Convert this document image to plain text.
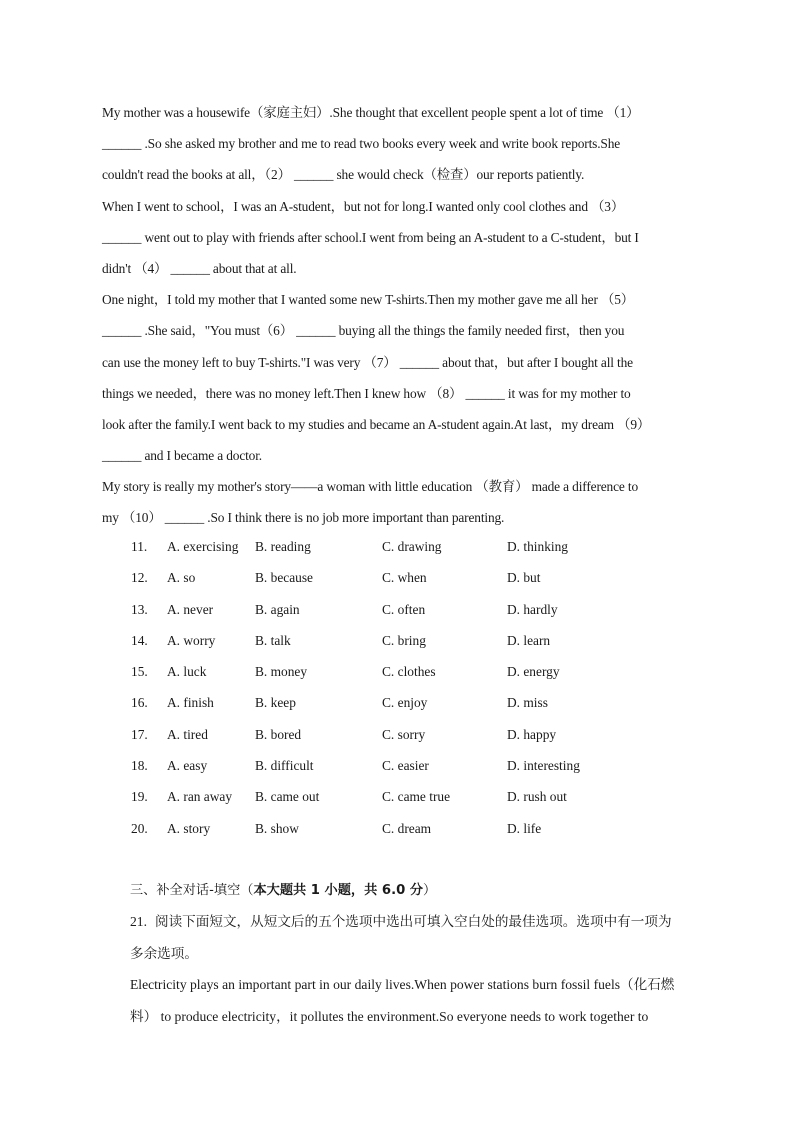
My mother was a housewife（家庭主妇）.She thought that excellent people spent a lot of time （1）
______ .So she asked my brother and me to read two books every week and write book reports.She
couldn't read the books at all，（2） ______ she would check（检查）our reports patiently.
When I went to school，I was an A-student，but not for long.I wanted only cool clothes and （3）
______ went out to play with friends after school.I went from being an A-student to a C-student，but I
didn't （4） ______ about that at all.
One night，I told my mother that I wanted some new T-shirts.Then my mother gave me all her （5）
______ .She said，"You must（6） ______ buying all the things the family needed first，then you
can use the money left to buy T-shirts."I was very （7） ______ about that，but after I bought all the
things we needed，there was no money left.Then I knew how （8） ______ it was for my mother to
look after the family.I went back to my studies and became an A-student again.At last，my dream （9）
______ and I became a doctor.
My story is really my mother's story——a woman with little education （教育） made a difference to
my （10） ______ .So I think there is no job more important than parenting.
11. A. exercising B. reading	C. drawing	D. thinking
12. A. so	B. because	C. when	D. but
13. A. never	B. again	C. often	D. hardly
14. A. worry	B. talk	C. bring	D. learn
15. A. luck	B. money	C. clothes	D. energy
16. A. finish	B. keep	C. enjoy	D. miss
17. A. tired	B. bored	C. sorry	D. happy
18. A. easy	B. difficult	C. easier	D. interesting
19. A. ran away B. came out	C. came true	D. rush out
20. A. story	B. show	C. dream	D. life
三、补全对话-填空（本大题共 1 小题，共 6.0 分）
21. 阅读下面短文，从短文后的五个选项中选出可填入空白处的最佳选项。选项中有一项为
多余选项。
Electricity plays an important part in our daily lives.When power stations burn fossil fuels（化石燃
料） to produce electricity，it pollutes the environment.So everyone needs to work together to
